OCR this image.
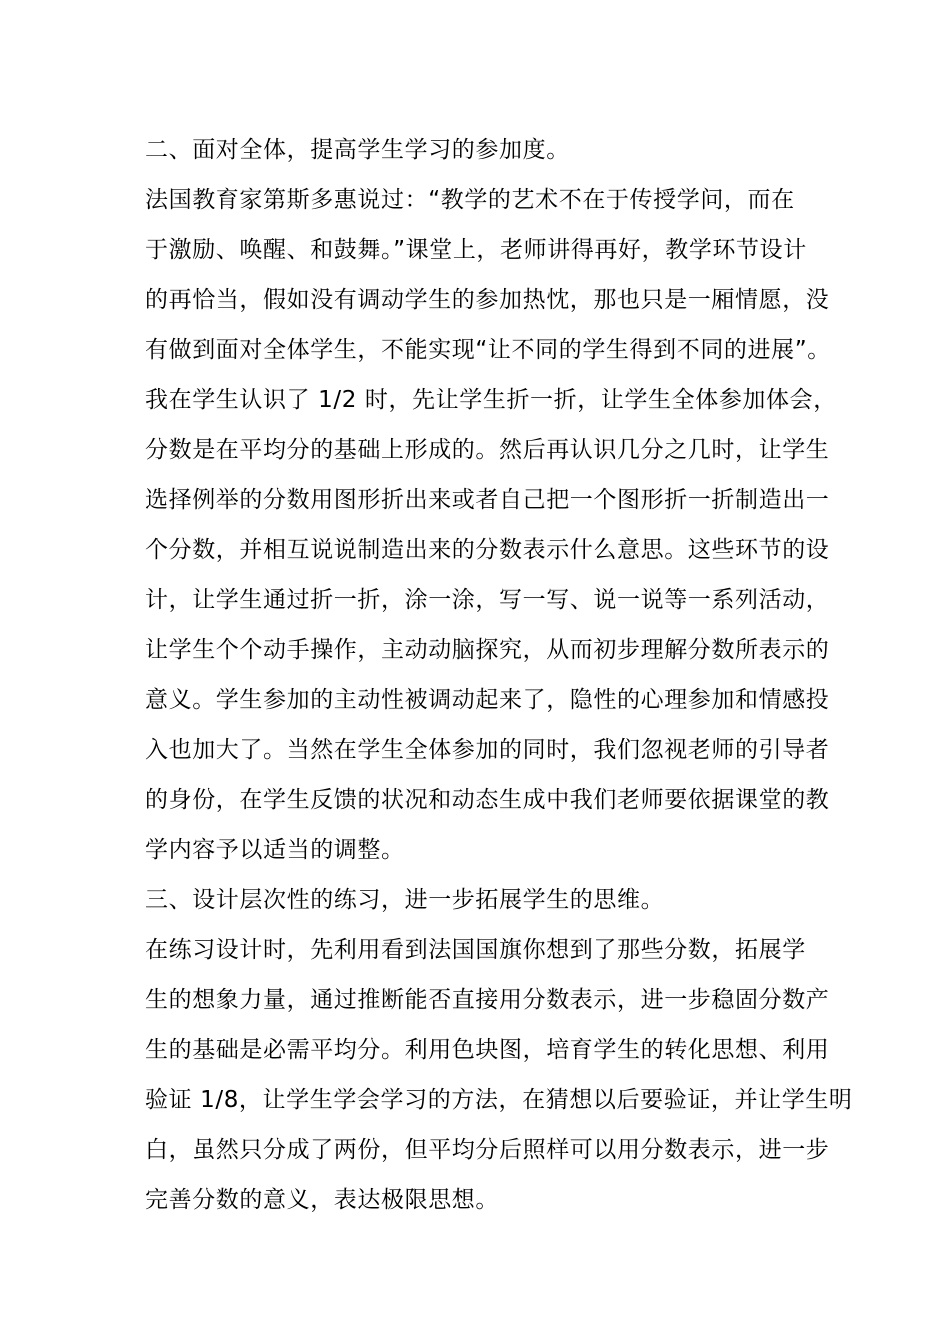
二、面对全体，提高学生学习的参加度。
法国教育家第斯多惠说过：“教学的艺术不在于传授学问，而在
于激励、唤醒、和鼓舞。”课堂上，老师讲得再好，教学环节设计
的再恰当，假如没有调动学生的参加热忱，那也只是一厢情愿，没
有做到面对全体学生，不能实现“让不同的学生得到不同的进展”。
我在学生认识了 1/2 时，先让学生折一折，让学生全体参加体会，
分数是在平均分的基础上形成的。然后再认识几分之几时，让学生
选择例举的分数用图形折出来或者自己把一个图形折一折制造出一
个分数，并相互说说制造出来的分数表示什么意思。这些环节的设
计，让学生通过折一折，涂一涂，写一写、说一说等一系列活动，
让学生个个动手操作，主动动脑探究，从而初步理解分数所表示的
意义。学生参加的主动性被调动起来了，隐性的心理参加和情感投
入也加大了。当然在学生全体参加的同时，我们忽视老师的引导者
的身份，在学生反馈的状况和动态生成中我们老师要依据课堂的教
学内容予以适当的调整。
三、设计层次性的练习，进一步拓展学生的思维。
在练习设计时，先利用看到法国国旗你想到了那些分数，拓展学
生的想象力量，通过推断能否直接用分数表示，进一步稳固分数产
生的基础是必需平均分。利用色块图，培育学生的转化思想、利用
验证 1/8，让学生学会学习的方法，在猜想以后要验证，并让学生明
白，虽然只分成了两份，但平均分后照样可以用分数表示，进一步
完善分数的意义，表达极限思想。
